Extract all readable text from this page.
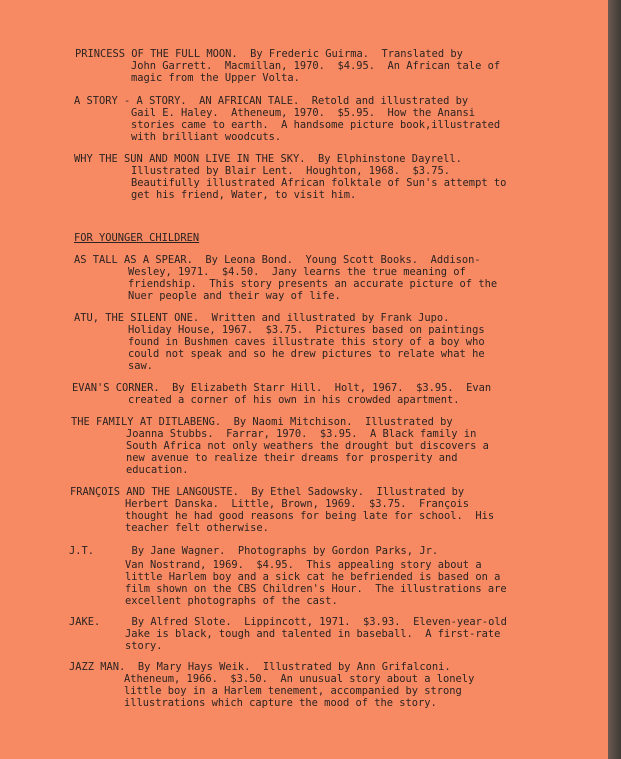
PRINCESS OF THE FULL MOON.  By Frederic Guirma.  Translated by
John Garrett.  Macmillan, 1970.  $4.95.  An African tale of
magic from the Upper Volta.
A STORY - A STORY.  AN AFRICAN TALE.  Retold and illustrated by
Gail E. Haley.  Atheneum, 1970.  $5.95.  How the Anansi
stories came to earth.  A handsome picture book,illustrated
with brilliant woodcuts.
WHY THE SUN AND MOON LIVE IN THE SKY.  By Elphinstone Dayrell.
Illustrated by Blair Lent.  Houghton, 1968.  $3.75.
Beautifully illustrated African folktale of Sun's attempt to
get his friend, Water, to visit him.
FOR YOUNGER CHILDREN
AS TALL AS A SPEAR.  By Leona Bond.  Young Scott Books.  Addison-
Wesley, 1971.  $4.50.  Jany learns the true meaning of
friendship.  This story presents an accurate picture of the
Nuer people and their way of life.
ATU, THE SILENT ONE.  Written and illustrated by Frank Jupo.
Holiday House, 1967.  $3.75.  Pictures based on paintings
found in Bushmen caves illustrate this story of a boy who
could not speak and so he drew pictures to relate what he
saw.
EVAN'S CORNER.  By Elizabeth Starr Hill.  Holt, 1967.  $3.95.  Evan
created a corner of his own in his crowded apartment.
THE FAMILY AT DITLABENG.  By Naomi Mitchison.  Illustrated by
Joanna Stubbs.  Farrar, 1970.  $3.95.  A Black family in
South Africa not only weathers the drought but discovers a
new avenue to realize their dreams for prosperity and
education.
FRANÇOIS AND THE LANGOUSTE.  By Ethel Sadowsky.  Illustrated by
Herbert Danska.  Little, Brown, 1969.  $3.75.  François
thought he had good reasons for being late for school.  His
teacher felt otherwise.
J.T.      By Jane Wagner.  Photographs by Gordon Parks, Jr.
Van Nostrand, 1969.  $4.95.  This appealing story about a
little Harlem boy and a sick cat he befriended is based on a
film shown on the CBS Children's Hour.  The illustrations are
excellent photographs of the cast.
JAKE.     By Alfred Slote.  Lippincott, 1971.  $3.93.  Eleven-year-old
Jake is black, tough and talented in baseball.  A first-rate
story.
JAZZ MAN.  By Mary Hays Weik.  Illustrated by Ann Grifalconi.
Atheneum, 1966.  $3.50.  An unusual story about a lonely
little boy in a Harlem tenement, accompanied by strong
illustrations which capture the mood of the story.
